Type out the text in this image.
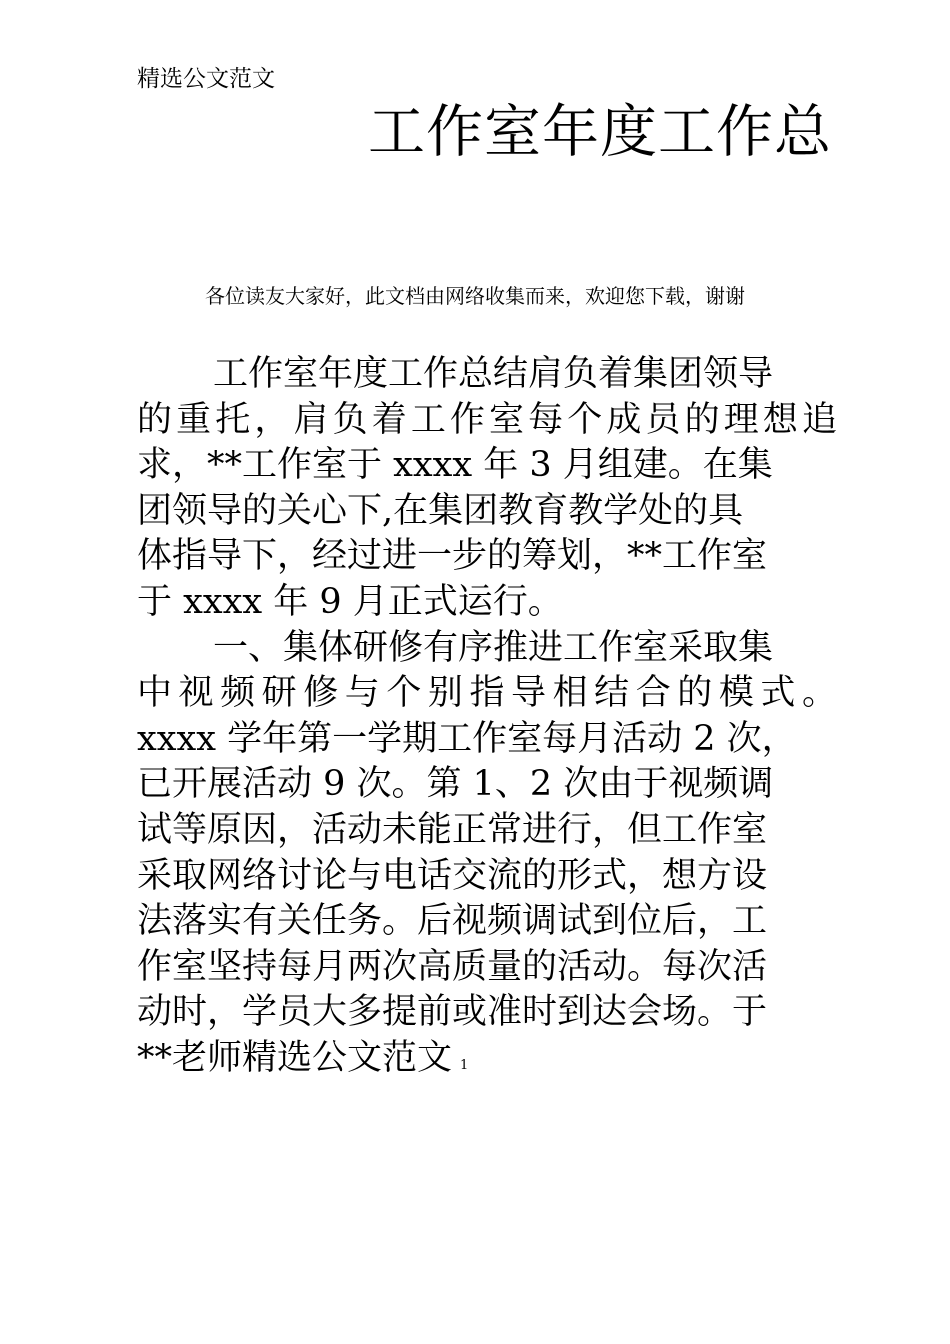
精选公文范文
工作室年度工作总
各位读友大家好，此文档由网络收集而来，欢迎您下载，谢谢
工作室年度工作总结肩负着集团领导
的重托，肩负着工作室每个成员的理想追
求，**工作室于 xxxx 年 3 月组建。在集
团领导的关心下,在集团教育教学处的具
体指导下，经过进一步的筹划，**工作室
于 xxxx 年 9 月正式运行。
一、集体研修有序推进工作室采取集
中视频研修与个别指导相结合的模式。
xxxx 学年第一学期工作室每月活动 2 次，
已开展活动 9 次。第 1、2 次由于视频调
试等原因，活动未能正常进行，但工作室
采取网络讨论与电话交流的形式，想方设
法落实有关任务。后视频调试到位后，工
作室坚持每月两次高质量的活动。每次活
动时，学员大多提前或准时到达会场。于
**老师精选公文范文 1
